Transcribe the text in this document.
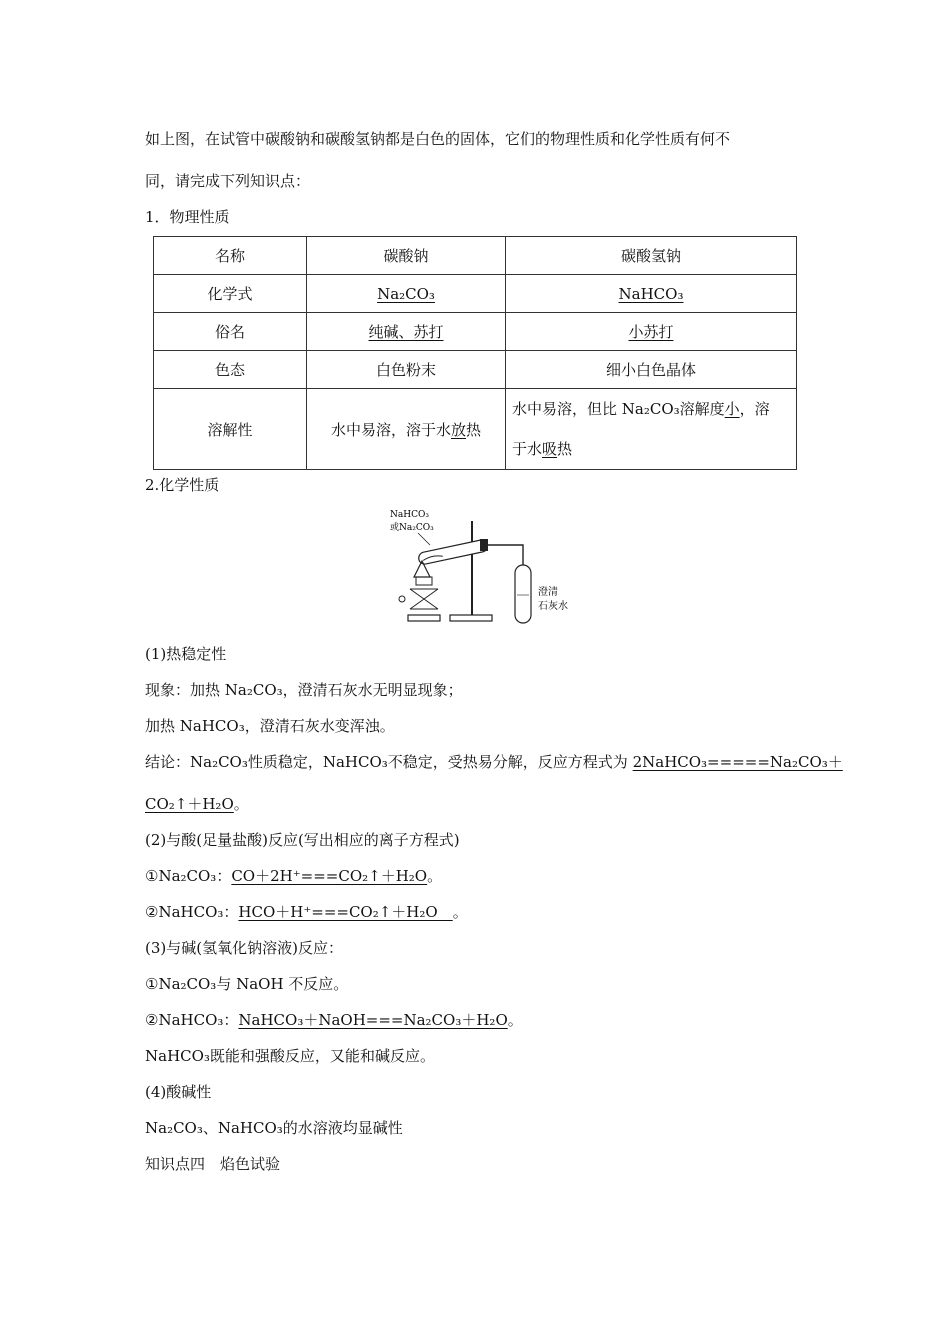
如上图，在试管中碳酸钠和碳酸氢钠都是白色的固体，它们的物理性质和化学性质有何不
同，请完成下列知识点：
1．物理性质
名称	碳酸钠	碳酸氢钠
化学式	Na₂CO₃	NaHCO₃
俗名	纯碱、苏打	小苏打
色态	白色粉末	细小白色晶体
溶解性	水中易溶，溶于水放热	水中易溶，但比 Na₂CO₃溶解度小，溶
于水吸热
2.化学性质
NaHCO₃
或Na₂CO₃
澄清
石灰水
(1)热稳定性
现象：加热 Na₂CO₃，澄清石灰水无明显现象；
加热 NaHCO₃，澄清石灰水变浑浊。
结论：Na₂CO₃性质稳定，NaHCO₃不稳定，受热易分解，反应方程式为 2NaHCO₃=====Na₂CO₃＋
CO₂↑＋H₂O。
(2)与酸(足量盐酸)反应(写出相应的离子方程式)
①Na₂CO₃：CO＋2H⁺===CO₂↑＋H₂O。
②NaHCO₃：HCO＋H⁺===CO₂↑＋H₂O　。
(3)与碱(氢氧化钠溶液)反应：
①Na₂CO₃与 NaOH 不反应。
②NaHCO₃：NaHCO₃＋NaOH===Na₂CO₃＋H₂O。
NaHCO₃既能和强酸反应，又能和碱反应。
(4)酸碱性
Na₂CO₃、NaHCO₃的水溶液均显碱性
知识点四　焰色试验
